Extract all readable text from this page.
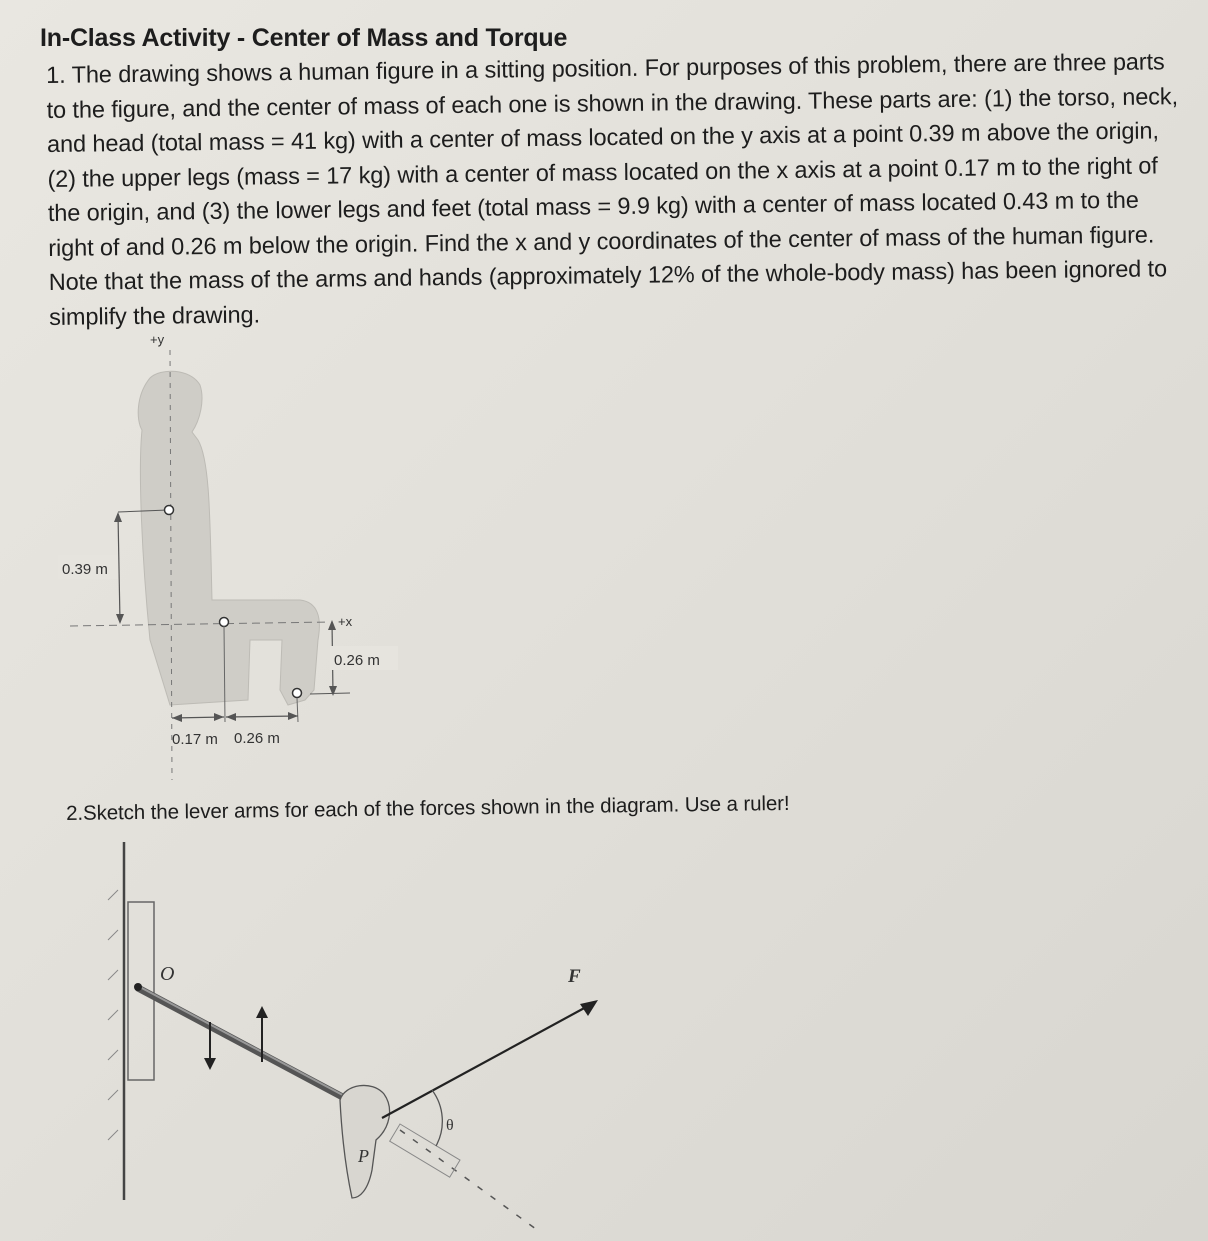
In-Class Activity - Center of Mass and Torque
1. The drawing shows a human figure in a sitting position. For purposes of this problem, there are three parts to the figure, and the center of mass of each one is shown in the drawing. These parts are: (1) the torso, neck, and head (total mass = 41 kg) with a center of mass located on the y axis at a point 0.39 m above the origin, (2) the upper legs (mass = 17 kg) with a center of mass located on the x axis at a point 0.17 m to the right of the origin, and (3) the lower legs and feet (total mass = 9.9 kg) with a center of mass located 0.43 m to the right of and 0.26 m below the origin. Find the x and y coordinates of the center of mass of the human figure. Note that the mass of the arms and hands (approximately 12% of the whole-body mass) has been ignored to simplify the drawing.
+y
+x
0.39 m
0.26 m
0.17 m 0.26 m
2.Sketch the lever arms for each of the forces shown in the diagram. Use a ruler!
O
P
F
θ
